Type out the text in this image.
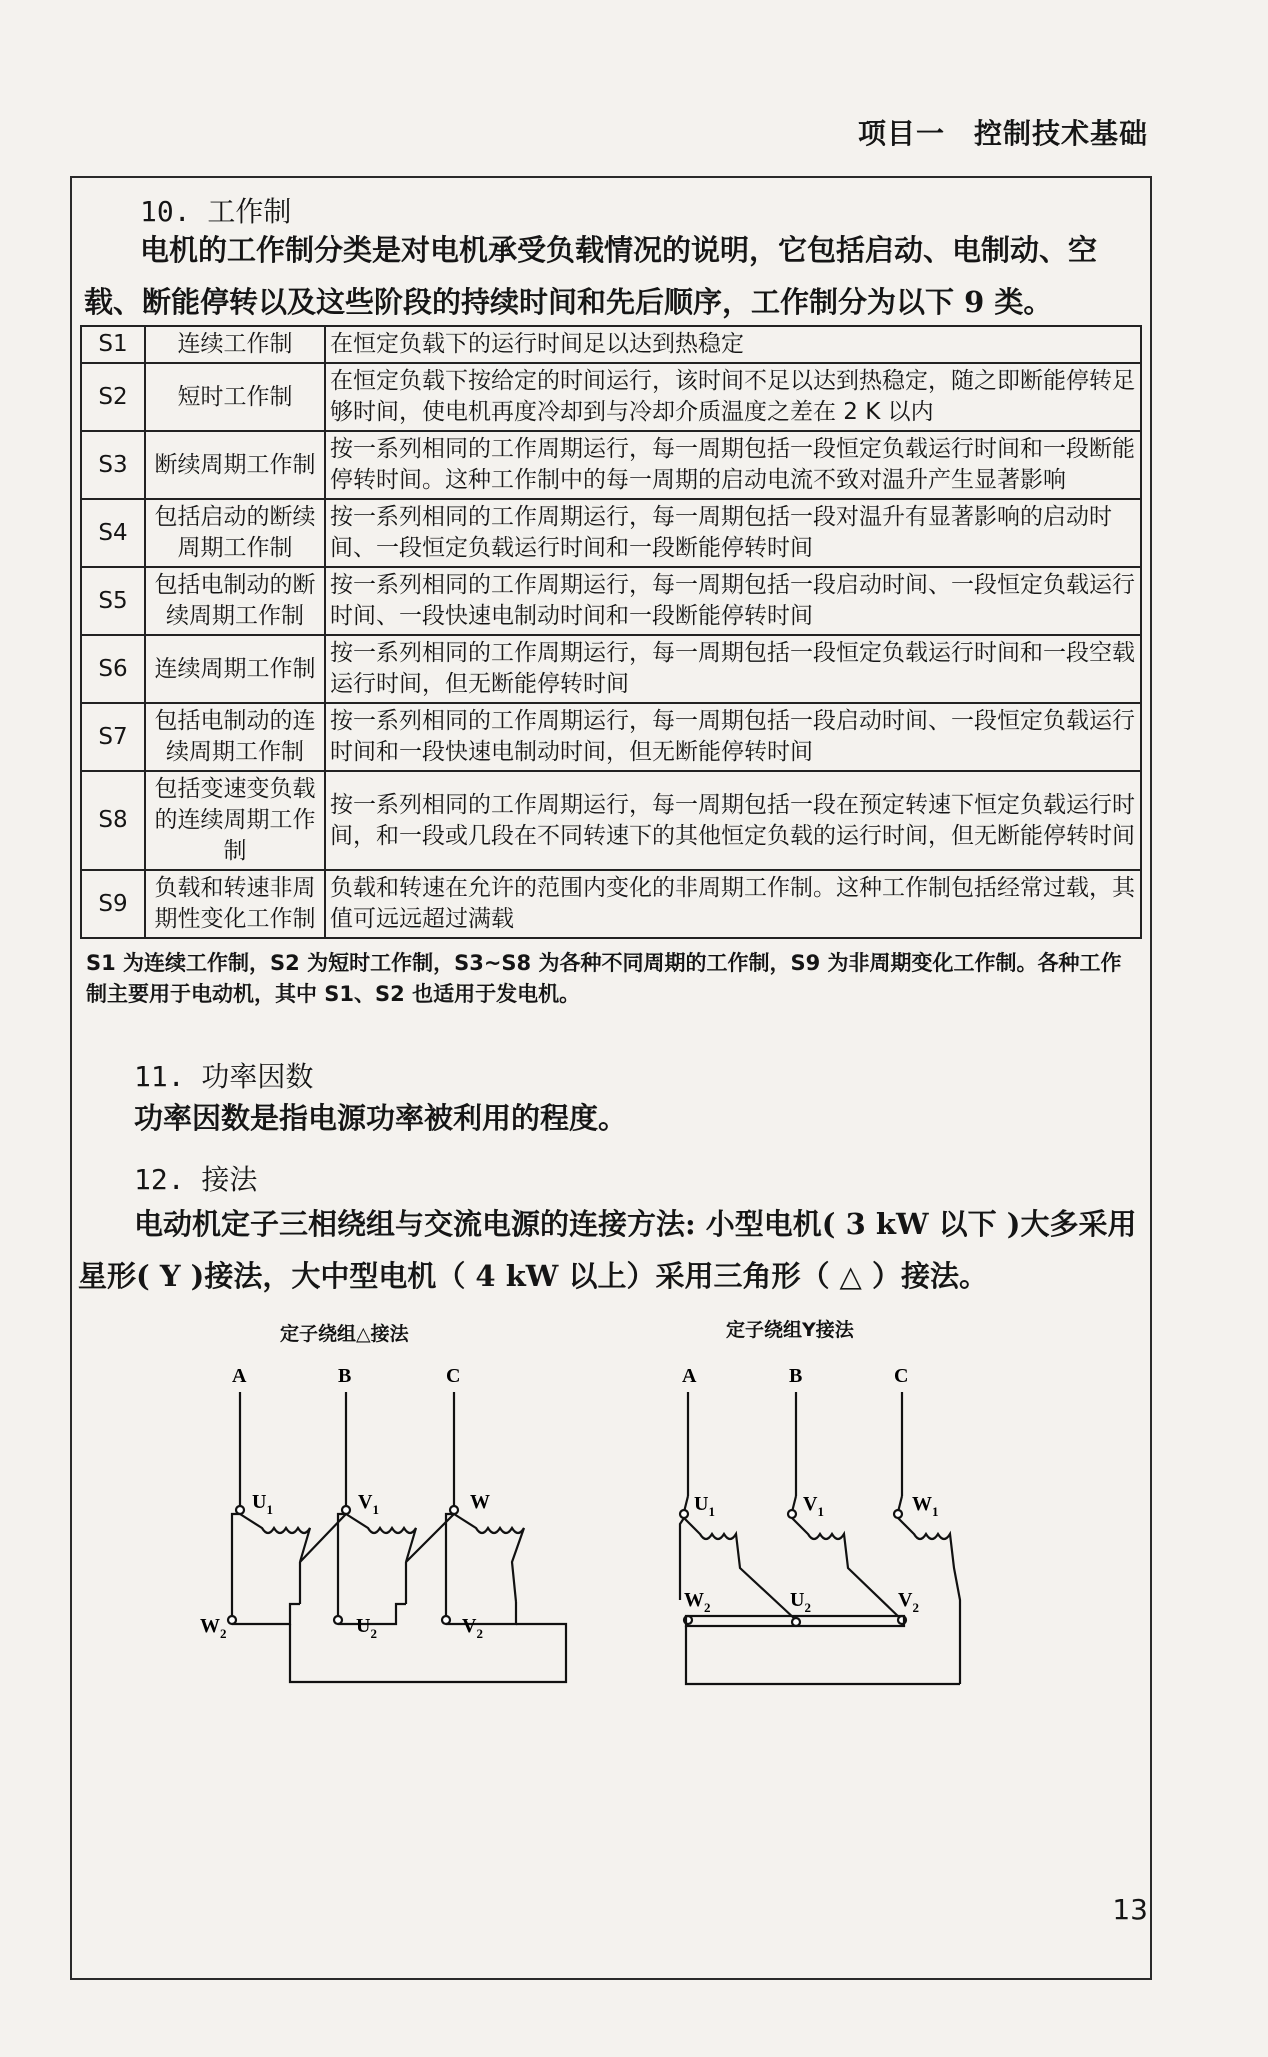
项目一　控制技术基础
10. 工作制
电机的工作制分类是对电机承受负载情况的说明，它包括启动、电制动、空载、断能停转以及这些阶段的持续时间和先后顺序，工作制分为以下 9 类。
S1	连续工作制	在恒定负载下的运行时间足以达到热稳定
S2	短时工作制	在恒定负载下按给定的时间运行，该时间不足以达到热稳定，随之即断能停转足够时间，使电机再度冷却到与冷却介质温度之差在 2 K 以内
S3	断续周期工作制	按一系列相同的工作周期运行，每一周期包括一段恒定负载运行时间和一段断能停转时间。这种工作制中的每一周期的启动电流不致对温升产生显著影响
S4	包括启动的断续周期工作制	按一系列相同的工作周期运行，每一周期包括一段对温升有显著影响的启动时间、一段恒定负载运行时间和一段断能停转时间
S5	包括电制动的断续周期工作制	按一系列相同的工作周期运行，每一周期包括一段启动时间、一段恒定负载运行时间、一段快速电制动时间和一段断能停转时间
S6	连续周期工作制	按一系列相同的工作周期运行，每一周期包括一段恒定负载运行时间和一段空载运行时间，但无断能停转时间
S7	包括电制动的连续周期工作制	按一系列相同的工作周期运行，每一周期包括一段启动时间、一段恒定负载运行时间和一段快速电制动时间，但无断能停转时间
S8	包括变速变负载的连续周期工作制	按一系列相同的工作周期运行，每一周期包括一段在预定转速下恒定负载运行时间，和一段或几段在不同转速下的其他恒定负载的运行时间，但无断能停转时间
S9	负载和转速非周期性变化工作制	负载和转速在允许的范围内变化的非周期工作制。这种工作制包括经常过载，其值可远远超过满载
S1 为连续工作制，S2 为短时工作制，S3~S8 为各种不同周期的工作制，S9 为非周期变化工作制。各种工作制主要用于电动机，其中 S1、S2 也适用于发电机。
11. 功率因数
功率因数是指电源功率被利用的程度。
12. 接法
电动机定子三相绕组与交流电源的连接方法: 小型电机( 3 kW 以下 )大多采用星形( Y )接法，大中型电机（ 4 kW 以上）采用三角形（ △ ）接法。
定子绕组△接法
A	B	C
$U_1$	$V_1$	W
$W_2$	$U_2$	$V_2$
定子绕组Y接法
A	B	C
$U_1$	$V_1$	$W_1$
$W_2$	$U_2$	$V_2$
13
